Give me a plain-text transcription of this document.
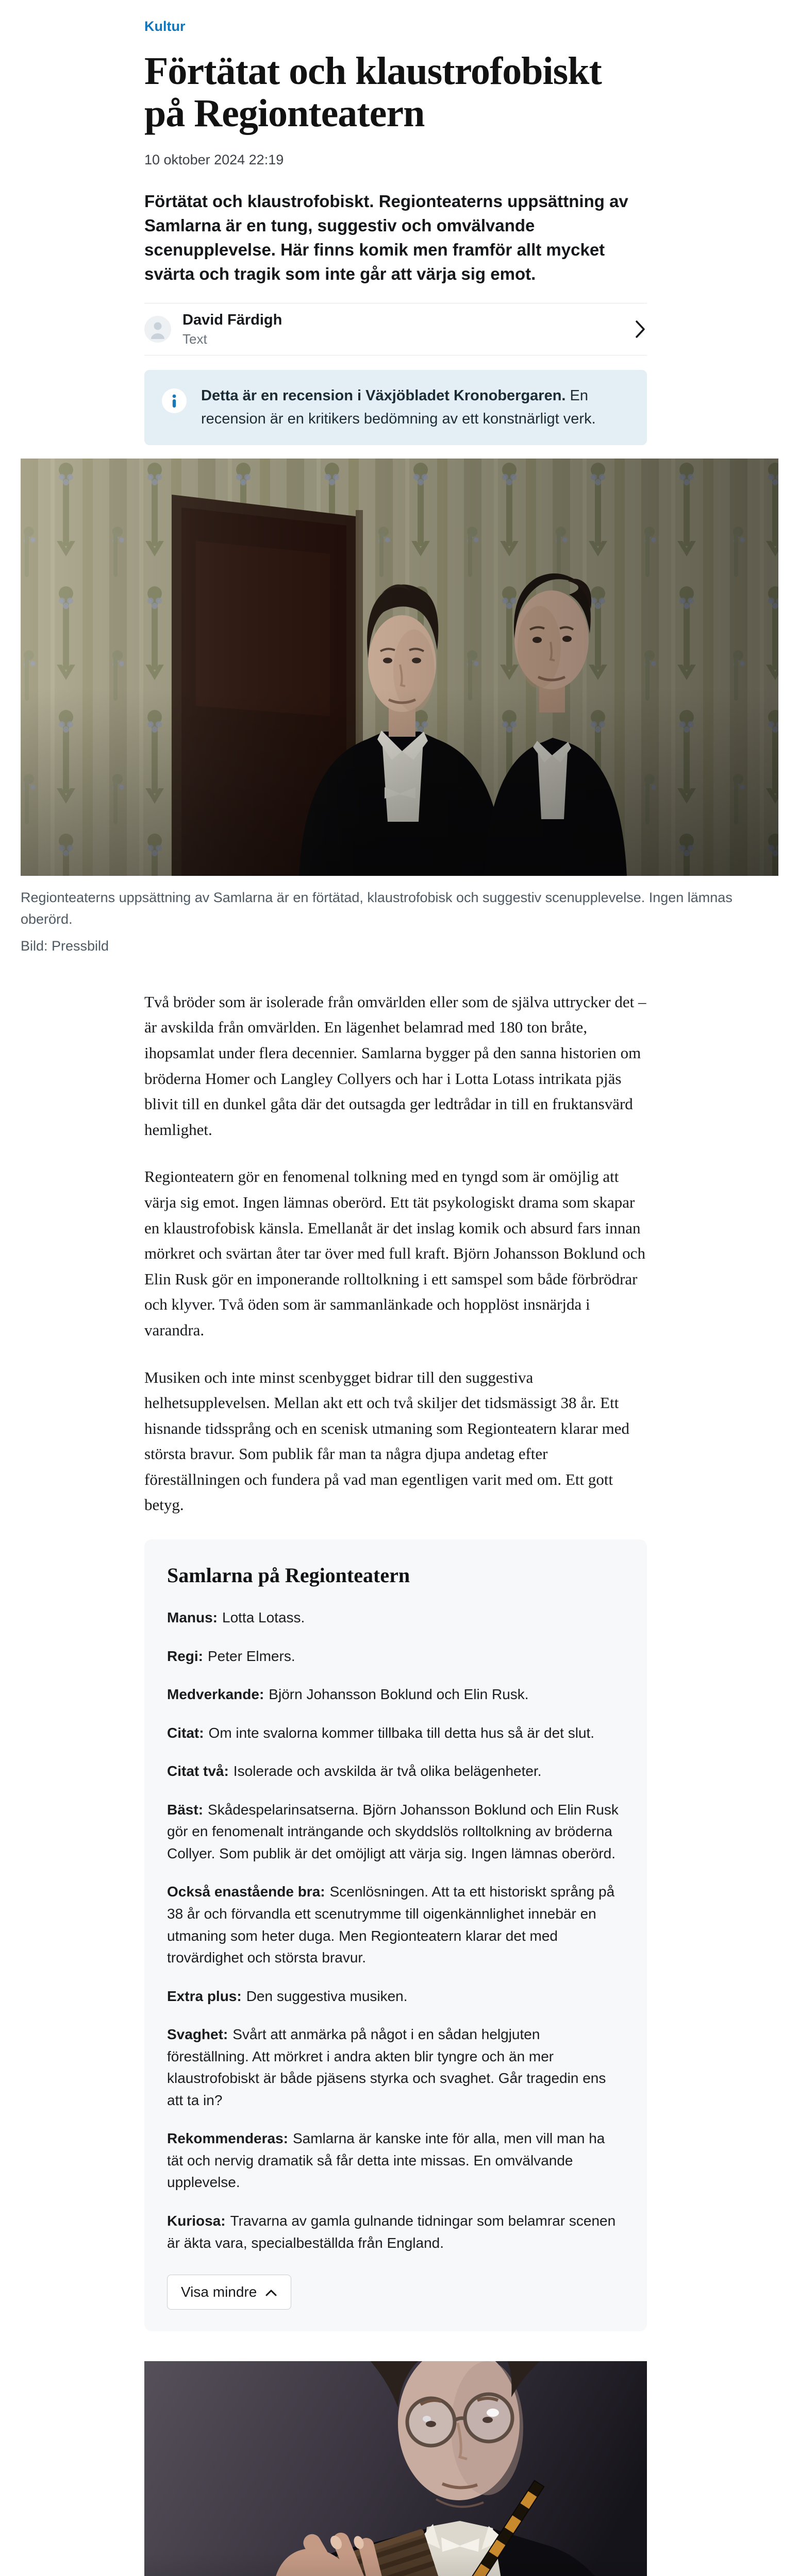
Kultur
Förtätat och klaustrofobiskt på Regionteatern

10 oktober 2024 22:19

Förtätat och klaustrofobiskt. Regionteaterns uppsättning av Samlarna är en tung, suggestiv och omvälvande scenupplevelse. Här finns komik men framför allt mycket svärta och tragik som inte går att värja sig emot.

David Färdigh
Text
Detta är en recension i Växjöbladet Kronobergaren. En recension är en kritikers bedömning av ett konstnärligt verk.
Regionteaterns uppsättning av Samlarna är en förtätad, klaustrofobisk och suggestiv scenupplevelse. Ingen lämnas oberörd.
Bild: Pressbild

Två bröder som är isolerade från omvärlden eller som de själva uttrycker det – är avskilda från omvärlden. En lägenhet belamrad med 180 ton bråte, ihopsamlat under flera decennier. Samlarna bygger på den sanna historien om bröderna Homer och Langley Collyers och har i Lotta Lotass intrikata pjäs blivit till en dunkel gåta där det outsagda ger ledtrådar in till en fruktansvärd hemlighet.

Regionteatern gör en fenomenal tolkning med en tyngd som är omöjlig att värja sig emot. Ingen lämnas oberörd. Ett tät psykologiskt drama som skapar en klaustrofobisk känsla. Emellanåt är det inslag komik och absurd fars innan mörkret och svärtan åter tar över med full kraft. Björn Johansson Boklund och Elin Rusk gör en imponerande rolltolkning i ett samspel som både förbrödrar och klyver. Två öden som är sammanlänkade och hopplöst insnärjda i varandra.

Musiken och inte minst scenbygget bidrar till den suggestiva helhetsupplevelsen. Mellan akt ett och två skiljer det tidsmässigt 38 år. Ett hisnande tidssprång och en scenisk utmaning som Regionteatern klarar med största bravur. Som publik får man ta några djupa andetag efter föreställningen och fundera på vad man egentligen varit med om. Ett gott betyg.

Samlarna på Regionteatern

Manus: Lotta Lotass.

Regi: Peter Elmers.

Medverkande: Björn Johansson Boklund och Elin Rusk.

Citat: Om inte svalorna kommer tillbaka till detta hus så är det slut.

Citat två: Isolerade och avskilda är två olika belägenheter.

Bäst: Skådespelarinsatserna. Björn Johansson Boklund och Elin Rusk gör en fenomenalt inträngande och skyddslös rolltolkning av bröderna Collyer. Som publik är det omöjligt att värja sig. Ingen lämnas oberörd.

Också enastående bra: Scenlösningen. Att ta ett historiskt språng på 38 år och förvandla ett scenutrymme till oigenkännlighet innebär en utmaning som heter duga. Men Regionteatern klarar det med trovärdighet och största bravur.

Extra plus: Den suggestiva musiken.

Svaghet: Svårt att anmärka på något i en sådan helgjuten föreställning. Att mörkret i andra akten blir tyngre och än mer klaustrofobiskt är både pjäsens styrka och svaghet. Går tragedin ens att ta in?

Rekommenderas: Samlarna är kanske inte för alla, men vill man ha tät och nervig dramatik så får detta inte missas. En omvälvande upplevelse.

Kuriosa: Travarna av gamla gulnande tidningar som belamrar scenen är äkta vara, specialbeställda från England.

Visa mindre
